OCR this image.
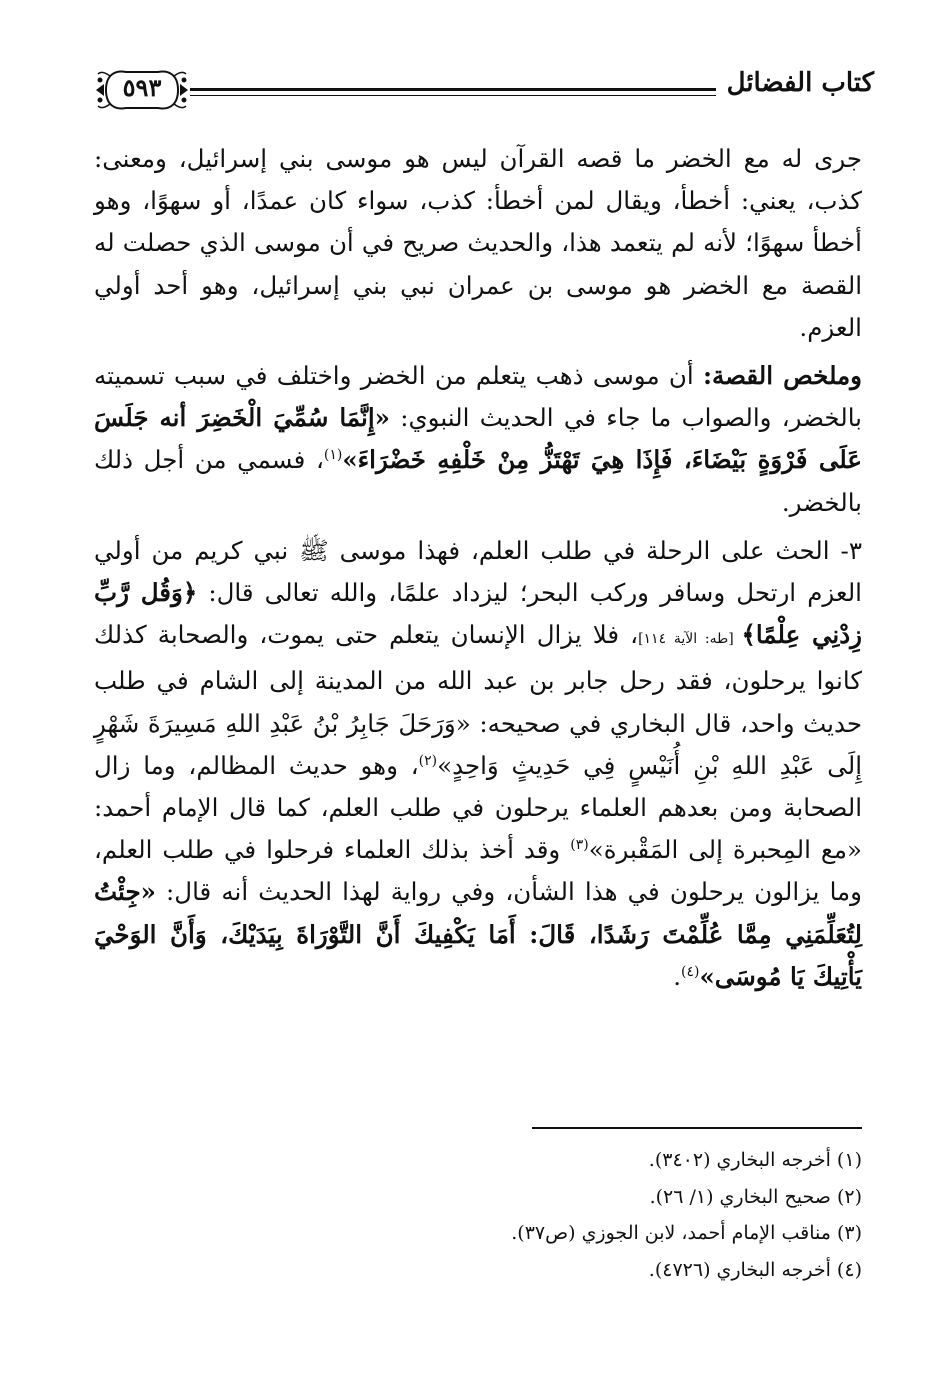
كتاب الفضائل
٥٩٣

جرى له مع الخضر ما قصه القرآن ليس هو موسى بني إسرائيل، ومعنى: كذب، يعني: أخطأ، ويقال لمن أخطأ: كذب، سواء كان عمدًا، أو سهوًا، وهو أخطأ سهوًا؛ لأنه لم يتعمد هذا، والحديث صريح في أن موسى الذي حصلت له القصة مع الخضر هو موسى بن عمران نبي بني إسرائيل، وهو أحد أولي العزم.

وملخص القصة: أن موسى ذهب يتعلم من الخضر واختلف في سبب تسميته بالخضر، والصواب ما جاء في الحديث النبوي: «إِنَّمَا سُمِّيَ الْخَضِرَ أنه جَلَسَ عَلَى فَرْوَةٍ بَيْضَاءَ، فَإِذَا هِيَ تَهْتَزُّ مِنْ خَلْفِهِ خَضْرَاءَ»$^{(١)}$، فسمي من أجل ذلك بالخضر.

٣- الحث على الرحلة في طلب العلم، فهذا موسى ﷺ نبي كريم من أولي العزم ارتحل وسافر وركب البحر؛ ليزداد علمًا، والله تعالى قال: ﴿وَقُل رَّبِّ زِدْنِي عِلْمًا﴾ [طه: الآية ١١٤]، فلا يزال الإنسان يتعلم حتى يموت، والصحابة كذلك كانوا يرحلون، فقد رحل جابر بن عبد الله من المدينة إلى الشام في طلب حديث واحد، قال البخاري في صحيحه: «وَرَحَلَ جَابِرُ بْنُ عَبْدِ اللهِ مَسِيرَةَ شَهْرٍ إِلَى عَبْدِ اللهِ بْنِ أُنَيْسٍ فِي حَدِيثٍ وَاحِدٍ»$^{(٢)}$، وهو حديث المظالم، وما زال الصحابة ومن بعدهم العلماء يرحلون في طلب العلم، كما قال الإمام أحمد: «مع المِحبرة إلى المَقْبرة»$^{(٣)}$ وقد أخذ بذلك العلماء فرحلوا في طلب العلم، وما يزالون يرحلون في هذا الشأن، وفي رواية لهذا الحديث أنه قال: «جِئْتُ لِتُعَلِّمَنِي مِمَّا عُلِّمْتَ رَشَدًا، قَالَ: أَمَا يَكْفِيكَ أَنَّ التَّوْرَاةَ بِيَدَيْكَ، وَأَنَّ الوَحْيَ يَأْتِيكَ يَا مُوسَى»$^{(٤)}$.

(١) أخرجه البخاري (٣٤٠٢).
(٢) صحيح البخاري (١/ ٢٦).
(٣) مناقب الإمام أحمد، لابن الجوزي (ص٣٧).
(٤) أخرجه البخاري (٤٧٢٦).
